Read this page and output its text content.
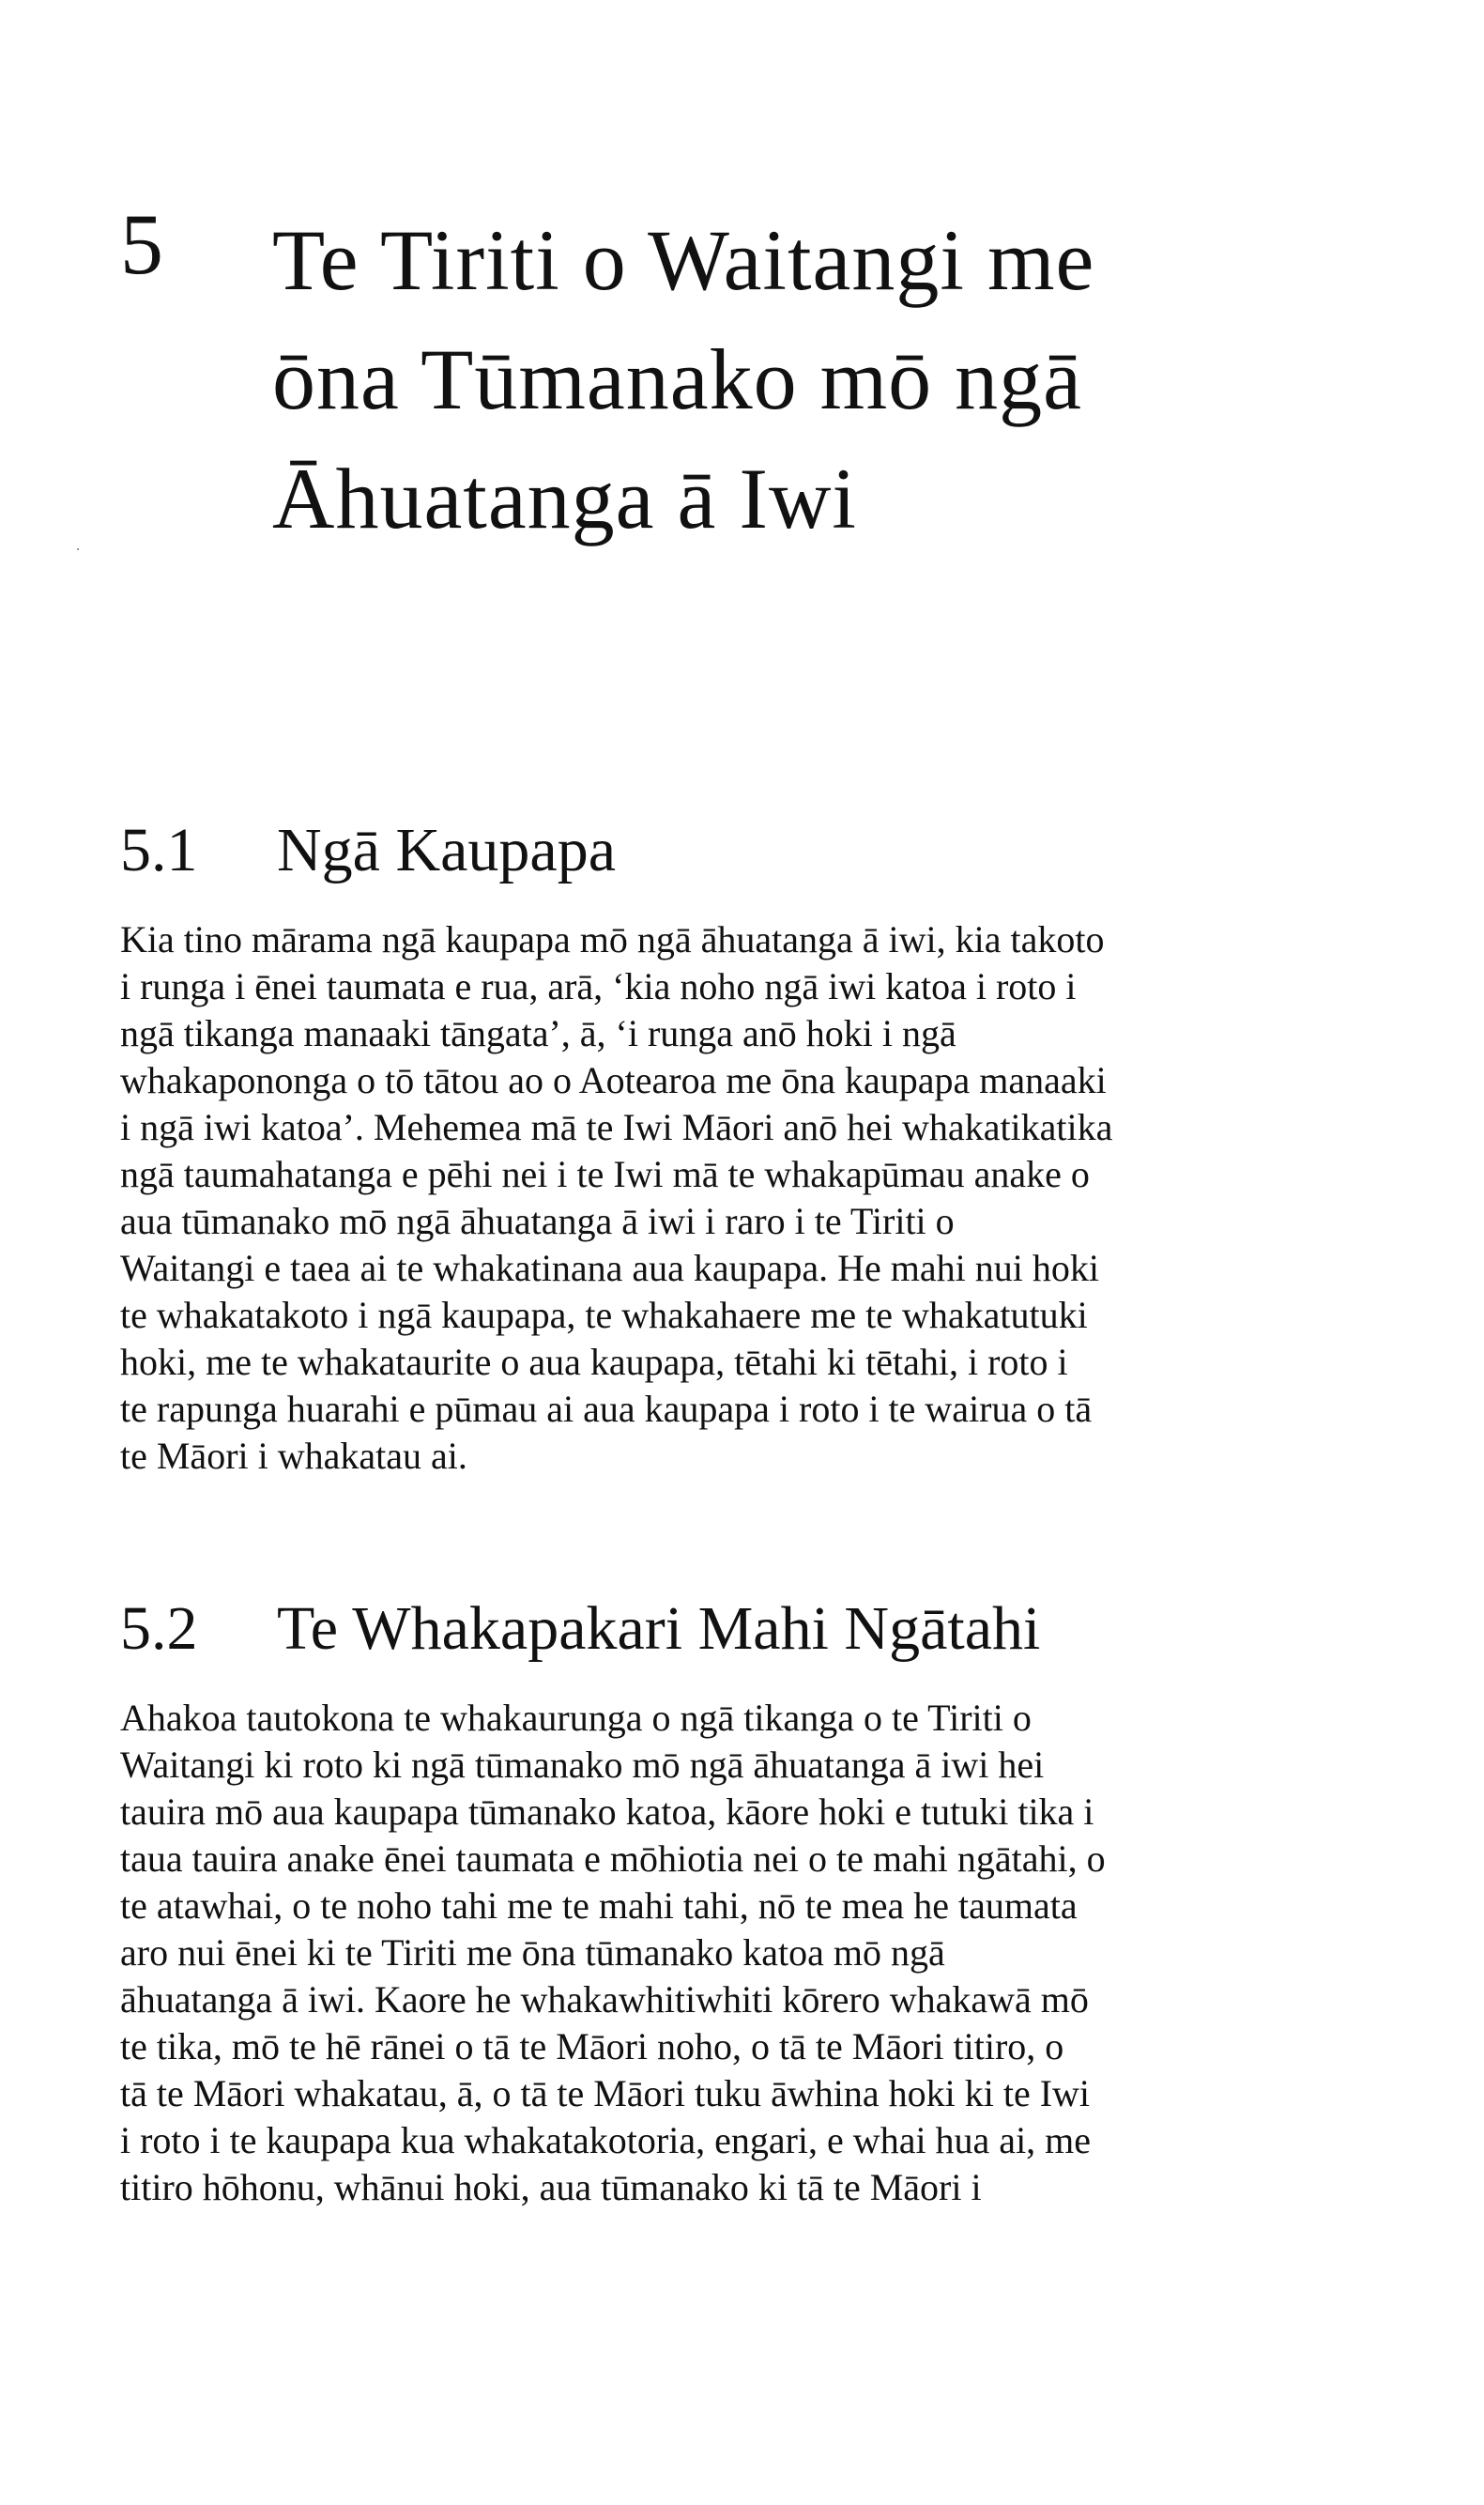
5 Te Tiriti o Waitangi me
ōna Tūmanako mō ngā
Āhuatanga ā Iwi
5.1 Ngā Kaupapa

Kia tino mārama ngā kaupapa mō ngā āhuatanga ā iwi, kia takoto
i runga i ēnei taumata e rua, arā, ‘kia noho ngā iwi katoa i roto i
ngā tikanga manaaki tāngata’, ā, ‘i runga anō hoki i ngā
whakapononga o tō tātou ao o Aotearoa me ōna kaupapa manaaki
i ngā iwi katoa’. Mehemea mā te Iwi Māori anō hei whakatikatika
ngā taumahatanga e pēhi nei i te Iwi mā te whakapūmau anake o
aua tūmanako mō ngā āhuatanga ā iwi i raro i te Tiriti o
Waitangi e taea ai te whakatinana aua kaupapa. He mahi nui hoki
te whakatakoto i ngā kaupapa, te whakahaere me te whakatutuki
hoki, me te whakataurite o aua kaupapa, tētahi ki tētahi, i roto i
te rapunga huarahi e pūmau ai aua kaupapa i roto i te wairua o tā
te Māori i whakatau ai.

5.2 Te Whakapakari Mahi Ngātahi

Ahakoa tautokona te whakaurunga o ngā tikanga o te Tiriti o
Waitangi ki roto ki ngā tūmanako mō ngā āhuatanga ā iwi hei
tauira mō aua kaupapa tūmanako katoa, kāore hoki e tutuki tika i
taua tauira anake ēnei taumata e mōhiotia nei o te mahi ngātahi, o
te atawhai, o te noho tahi me te mahi tahi, nō te mea he taumata
aro nui ēnei ki te Tiriti me ōna tūmanako katoa mō ngā
āhuatanga ā iwi. Kaore he whakawhitiwhiti kōrero whakawā mō
te tika, mō te hē rānei o tā te Māori noho, o tā te Māori titiro, o
tā te Māori whakatau, ā, o tā te Māori tuku āwhina hoki ki te Iwi
i roto i te kaupapa kua whakatakotoria, engari, e whai hua ai, me
titiro hōhonu, whānui hoki, aua tūmanako ki tā te Māori i
